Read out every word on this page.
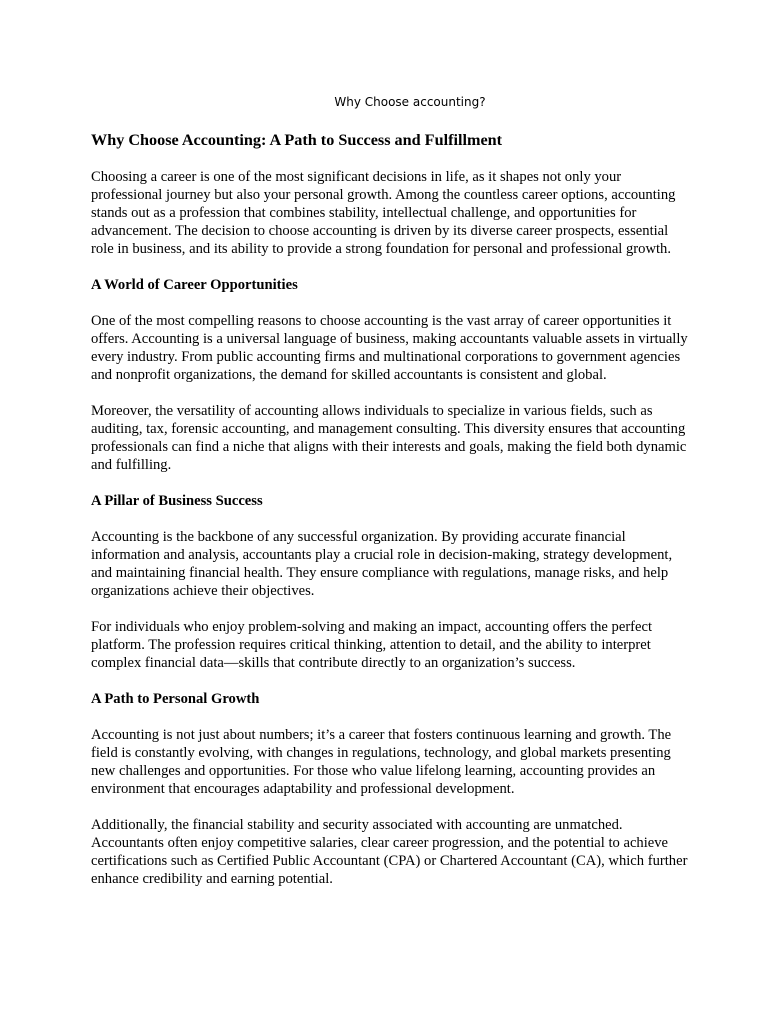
Why Choose accounting?
Why Choose Accounting: A Path to Success and Fulfillment

Choosing a career is one of the most significant decisions in life, as it shapes not only your professional journey but also your personal growth. Among the countless career options, accounting stands out as a profession that combines stability, intellectual challenge, and opportunities for advancement. The decision to choose accounting is driven by its diverse career prospects, essential role in business, and its ability to provide a strong foundation for personal and professional growth.

A World of Career Opportunities

One of the most compelling reasons to choose accounting is the vast array of career opportunities it offers. Accounting is a universal language of business, making accountants valuable assets in virtually every industry. From public accounting firms and multinational corporations to government agencies and nonprofit organizations, the demand for skilled accountants is consistent and global.

Moreover, the versatility of accounting allows individuals to specialize in various fields, such as auditing, tax, forensic accounting, and management consulting. This diversity ensures that accounting professionals can find a niche that aligns with their interests and goals, making the field both dynamic and fulfilling.

A Pillar of Business Success

Accounting is the backbone of any successful organization. By providing accurate financial information and analysis, accountants play a crucial role in decision-making, strategy development, and maintaining financial health. They ensure compliance with regulations, manage risks, and help organizations achieve their objectives.

For individuals who enjoy problem-solving and making an impact, accounting offers the perfect platform. The profession requires critical thinking, attention to detail, and the ability to interpret complex financial data—skills that contribute directly to an organization’s success.

A Path to Personal Growth

Accounting is not just about numbers; it’s a career that fosters continuous learning and growth. The field is constantly evolving, with changes in regulations, technology, and global markets presenting new challenges and opportunities. For those who value lifelong learning, accounting provides an environment that encourages adaptability and professional development.

Additionally, the financial stability and security associated with accounting are unmatched. Accountants often enjoy competitive salaries, clear career progression, and the potential to achieve certifications such as Certified Public Accountant (CPA) or Chartered Accountant (CA), which further enhance credibility and earning potential.
